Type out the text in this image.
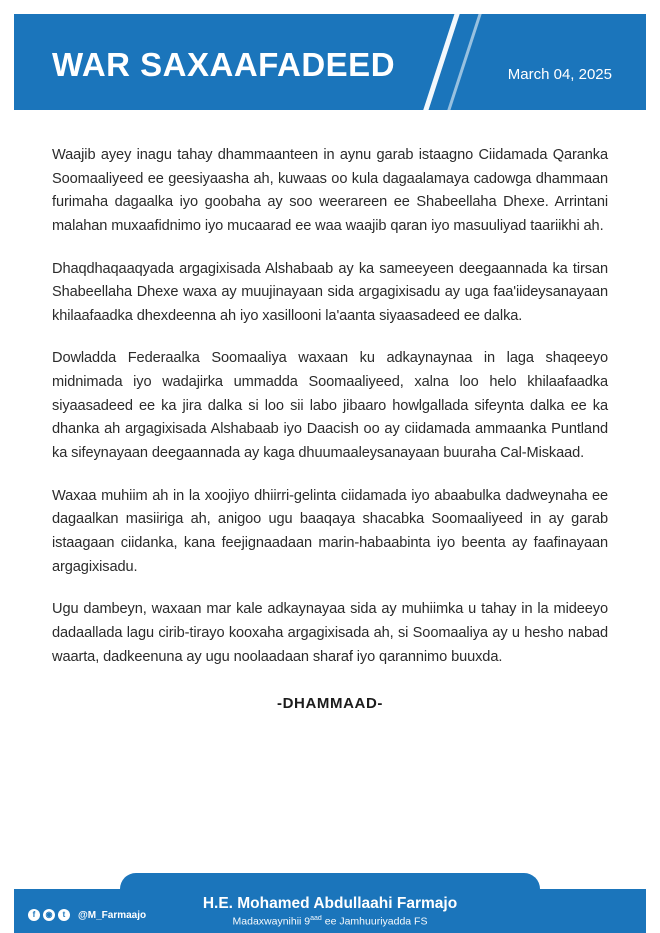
WAR SAXAAFADEED	March 04, 2025

Waajib ayey inagu tahay dhammaanteen in aynu garab istaagno Ciidamada Qaranka Soomaaliyeed ee geesiyaasha ah, kuwaas oo kula dagaalamaya cadowga dhammaan furimaha dagaalka iyo goobaha ay soo weerareen ee Shabeellaha Dhexe. Arrintani malahan muxaafidnimo iyo mucaarad ee waa waajib qaran iyo masuuliyad taariikhi ah.

Dhaqdhaqaaqyada argagixisada Alshabaab ay ka sameeyeen deegaannada ka tirsan Shabeellaha Dhexe waxa ay muujinayaan sida argagixisadu ay uga faa'iideysanayaan khilaafaadka dhexdeenna ah iyo xasillooni la'aanta siyaasadeed ee dalka.

Dowladda Federaalka Soomaaliya waxaan ku adkaynaynaa in laga shaqeeyo midnimada iyo wadajirka ummadda Soomaaliyeed, xalna loo helo khilaafaadka siyaasadeed ee ka jira dalka si loo sii labo jibaaro howlgallada sifeynta dalka ee ka dhanka ah argagixisada Alshabaab iyo Daacish oo ay ciidamada ammaanka Puntland ka sifeynayaan deegaannada ay kaga dhuumaaleysanayaan buuraha Cal-Miskaad.

Waxaa muhiim ah in la xoojiyo dhiirri-gelinta ciidamada iyo abaabulka dadweynaha ee dagaalkan masiiriga ah, anigoo ugu baaqaya shacabka Soomaaliyeed in ay garab istaagaan ciidanka, kana feejignaadaan marin-habaabinta iyo beenta ay faafinayaan argagixisadu.

Ugu dambeyn, waxaan mar kale adkaynayaa sida ay muhiimka u tahay in la mideeyo dadaallada lagu cirib-tirayo kooxaha argagixisada ah, si Soomaaliya ay u hesho nabad waarta, dadkeenuna ay ugu noolaadaan sharaf iyo qarannimo buuxda.

-DHAMMAAD-
f	◉	t	@M_Farmaajo
H.E. Mohamed Abdullaahi Farmajo
Madaxwaynihii $9^{aad}$ ee Jamhuuriyadda FS
